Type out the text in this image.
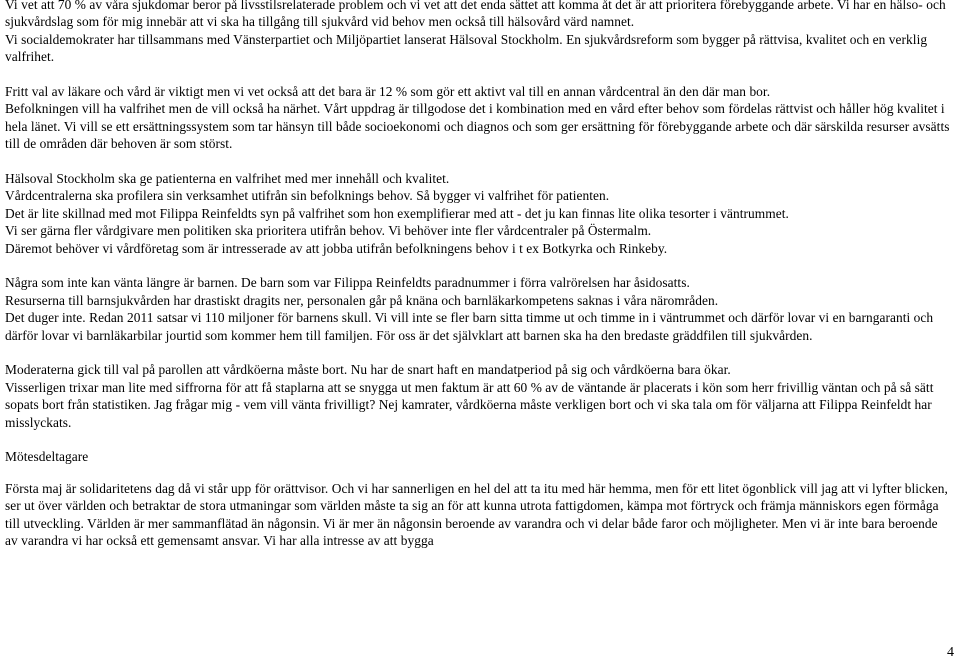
Vi vet att 70 % av våra sjukdomar beror på livsstilsrelaterade problem och vi vet att det enda sättet att komma åt det är att prioritera förebyggande arbete. Vi har en hälso- och sjukvårdslag som för mig innebär att vi ska ha tillgång till sjukvård vid behov men också till hälsovård värd namnet.
Vi socialdemokrater har tillsammans med Vänsterpartiet och Miljöpartiet lanserat Hälsoval Stockholm. En sjukvårdsreform som bygger på rättvisa, kvalitet och en verklig valfrihet.

Fritt val av läkare och vård är viktigt men vi vet också att det bara är 12 % som gör ett aktivt val till en annan vårdcentral än den där man bor.
Befolkningen vill ha valfrihet men de vill också ha närhet. Vårt uppdrag är tillgodose det i kombination med en vård efter behov som fördelas rättvist och håller hög kvalitet i hela länet. Vi vill se ett ersättningssystem som tar hänsyn till både socioekonomi och diagnos och som ger ersättning för förebyggande arbete och där särskilda resurser avsätts till de områden där behoven är som störst.

Hälsoval Stockholm ska ge patienterna en valfrihet med mer innehåll och kvalitet.
Vårdcentralerna ska profilera sin verksamhet utifrån sin befolknings behov. Så bygger vi valfrihet för patienten.
Det är lite skillnad med mot Filippa Reinfeldts syn på valfrihet som hon exemplifierar med att - det ju kan finnas lite olika tesorter i väntrummet.
Vi ser gärna fler vårdgivare men politiken ska prioritera utifrån behov. Vi behöver inte fler vårdcentraler på Östermalm.
Däremot behöver vi vårdföretag som är intresserade av att jobba utifrån befolkningens behov i t ex Botkyrka och Rinkeby.

Några som inte kan vänta längre är barnen. De barn som var Filippa Reinfeldts paradnummer i förra valrörelsen har åsidosatts.
Resurserna till barnsjukvården har drastiskt dragits ner, personalen går på knäna och barnläkarkompetens saknas i våra närområden.
Det duger inte. Redan 2011 satsar vi 110 miljoner för barnens skull. Vi vill inte se fler barn sitta timme ut och timme in i väntrummet och därför lovar vi en barngaranti och därför lovar vi barnläkarbilar jourtid som kommer hem till familjen. För oss är det självklart att barnen ska ha den bredaste gräddfilen till sjukvården.

Moderaterna gick till val på parollen att vårdköerna måste bort. Nu har de snart haft en mandatperiod på sig och vårdköerna bara ökar.
Visserligen trixar man lite med siffrorna för att få staplarna att se snygga ut men faktum är att 60 % av de väntande är placerats i kön som herr frivillig väntan och på så sätt sopats bort från statistiken. Jag frågar mig - vem vill vänta frivilligt? Nej kamrater, vårdköerna måste verkligen bort och vi ska tala om för väljarna att Filippa Reinfeldt har misslyckats.

Mötesdeltagare

Första maj är solidaritetens dag då vi står upp för orättvisor. Och vi har sannerligen en hel del att ta itu med här hemma, men för ett litet ögonblick vill jag att vi lyfter blicken, ser ut över världen och betraktar de stora utmaningar som världen måste ta sig an för att kunna utrota fattigdomen, kämpa mot förtryck och främja människors egen förmåga till utveckling. Världen är mer sammanflätad än någonsin. Vi är mer än någonsin beroende av varandra och vi delar både faror och möjligheter. Men vi är inte bara beroende av varandra vi har också ett gemensamt ansvar. Vi har alla intresse av att bygga

4
